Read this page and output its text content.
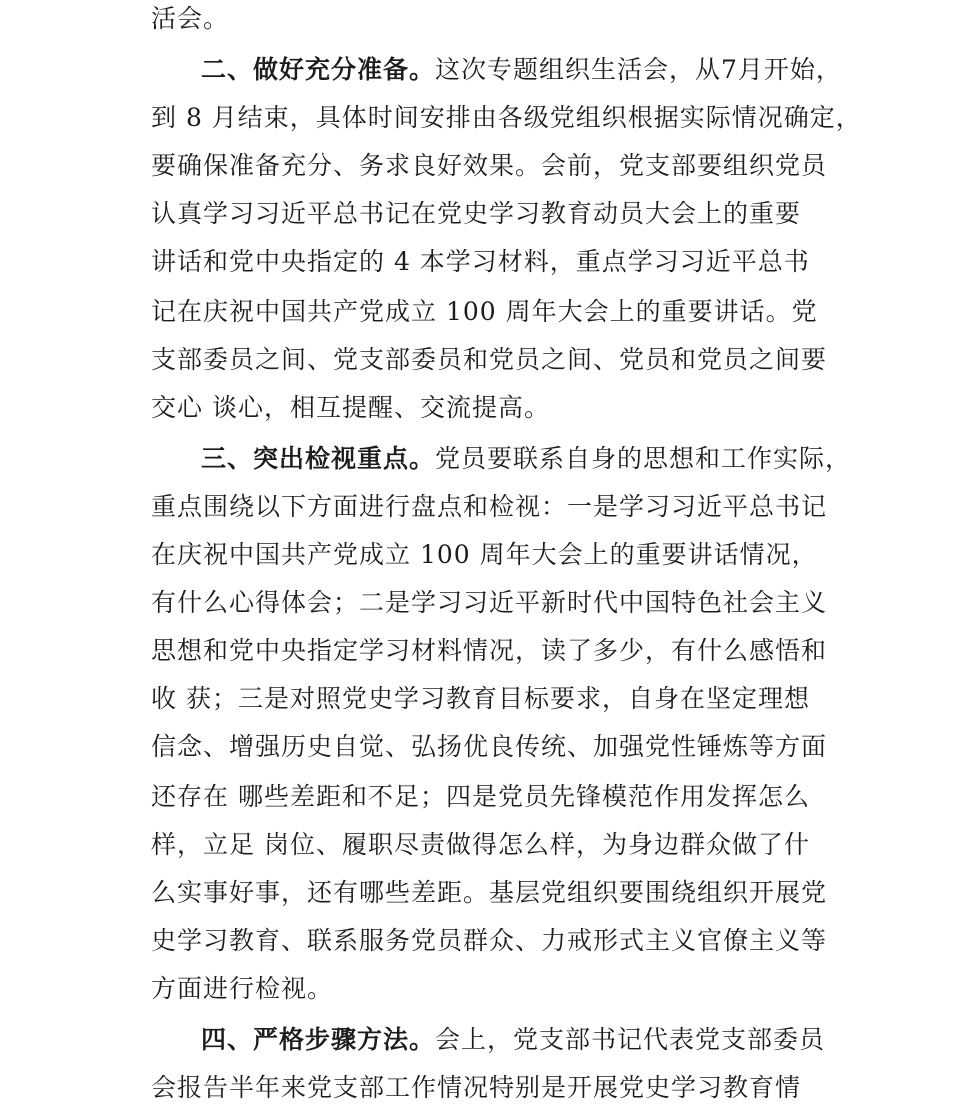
活会。
二、做好充分准备。这次专题组织生活会，从7月开始，
到 8 月结束，具体时间安排由各级党组织根据实际情况确定，
要确保准备充分、务求良好效果。会前，党支部要组织党员
认真学习习近平总书记在党史学习教育动员大会上的重要
讲话和党中央指定的 4 本学习材料，重点学习习近平总书
记在庆祝中国共产党成立 100 周年大会上的重要讲话。党
支部委员之间、党支部委员和党员之间、党员和党员之间要
交心 谈心，相互提醒、交流提高。
三、突出检视重点。党员要联系自身的思想和工作实际，
重点围绕以下方面进行盘点和检视：一是学习习近平总书记
在庆祝中国共产党成立 100 周年大会上的重要讲话情况，
有什么心得体会；二是学习习近平新时代中国特色社会主义
思想和党中央指定学习材料情况，读了多少，有什么感悟和
收 获；三是对照党史学习教育目标要求，自身在坚定理想
信念、增强历史自觉、弘扬优良传统、加强党性锤炼等方面
还存在 哪些差距和不足；四是党员先锋模范作用发挥怎么
样，立足 岗位、履职尽责做得怎么样，为身边群众做了什
么实事好事，还有哪些差距。基层党组织要围绕组织开展党
史学习教育、联系服务党员群众、力戒形式主义官僚主义等
方面进行检视。
四、严格步骤方法。会上，党支部书记代表党支部委员
会报告半年来党支部工作情况特别是开展党史学习教育情
